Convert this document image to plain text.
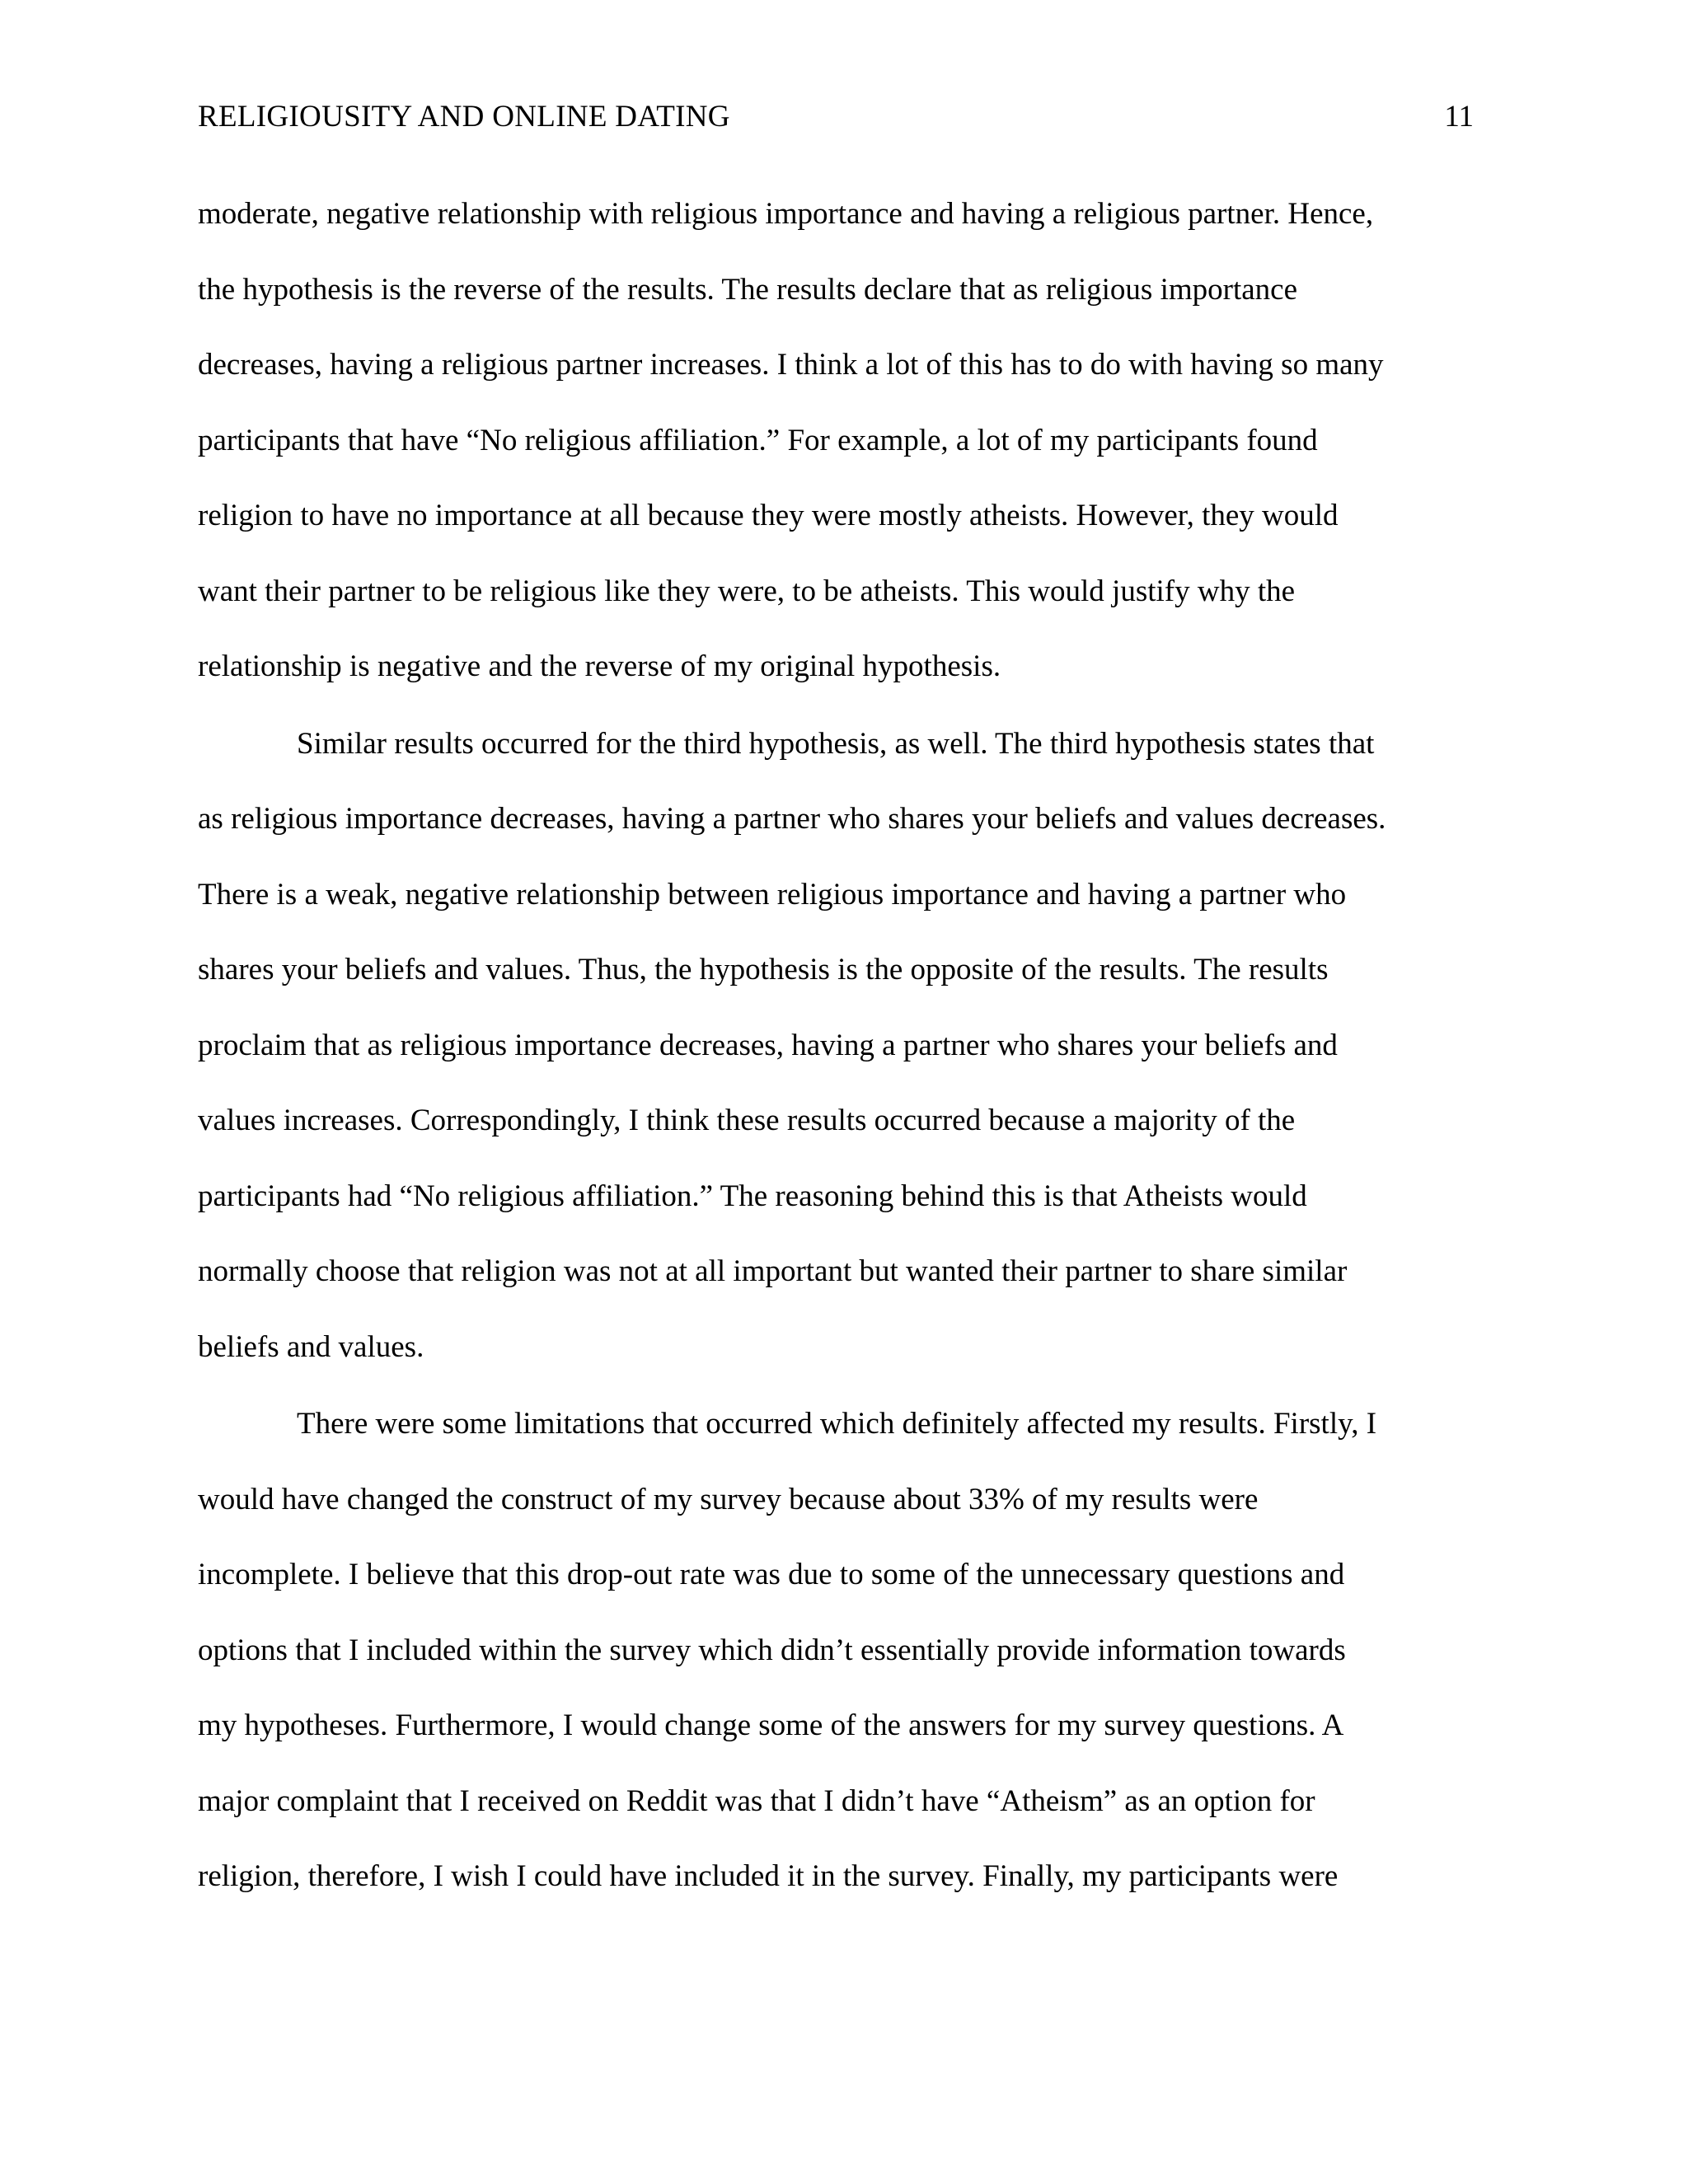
RELIGIOUSITY AND ONLINE DATING	11
moderate, negative relationship with religious importance and having a religious partner. Hence,
the hypothesis is the reverse of the results. The results declare that as religious importance
decreases, having a religious partner increases. I think a lot of this has to do with having so many
participants that have “No religious affiliation.” For example, a lot of my participants found
religion to have no importance at all because they were mostly atheists. However, they would
want their partner to be religious like they were, to be atheists. This would justify why the
relationship is negative and the reverse of my original hypothesis.
Similar results occurred for the third hypothesis, as well. The third hypothesis states that
as religious importance decreases, having a partner who shares your beliefs and values decreases.
There is a weak, negative relationship between religious importance and having a partner who
shares your beliefs and values. Thus, the hypothesis is the opposite of the results. The results
proclaim that as religious importance decreases, having a partner who shares your beliefs and
values increases. Correspondingly, I think these results occurred because a majority of the
participants had “No religious affiliation.” The reasoning behind this is that Atheists would
normally choose that religion was not at all important but wanted their partner to share similar
beliefs and values.
There were some limitations that occurred which definitely affected my results. Firstly, I
would have changed the construct of my survey because about 33% of my results were
incomplete. I believe that this drop-out rate was due to some of the unnecessary questions and
options that I included within the survey which didn’t essentially provide information towards
my hypotheses. Furthermore, I would change some of the answers for my survey questions. A
major complaint that I received on Reddit was that I didn’t have “Atheism” as an option for
religion, therefore, I wish I could have included it in the survey. Finally, my participants were
